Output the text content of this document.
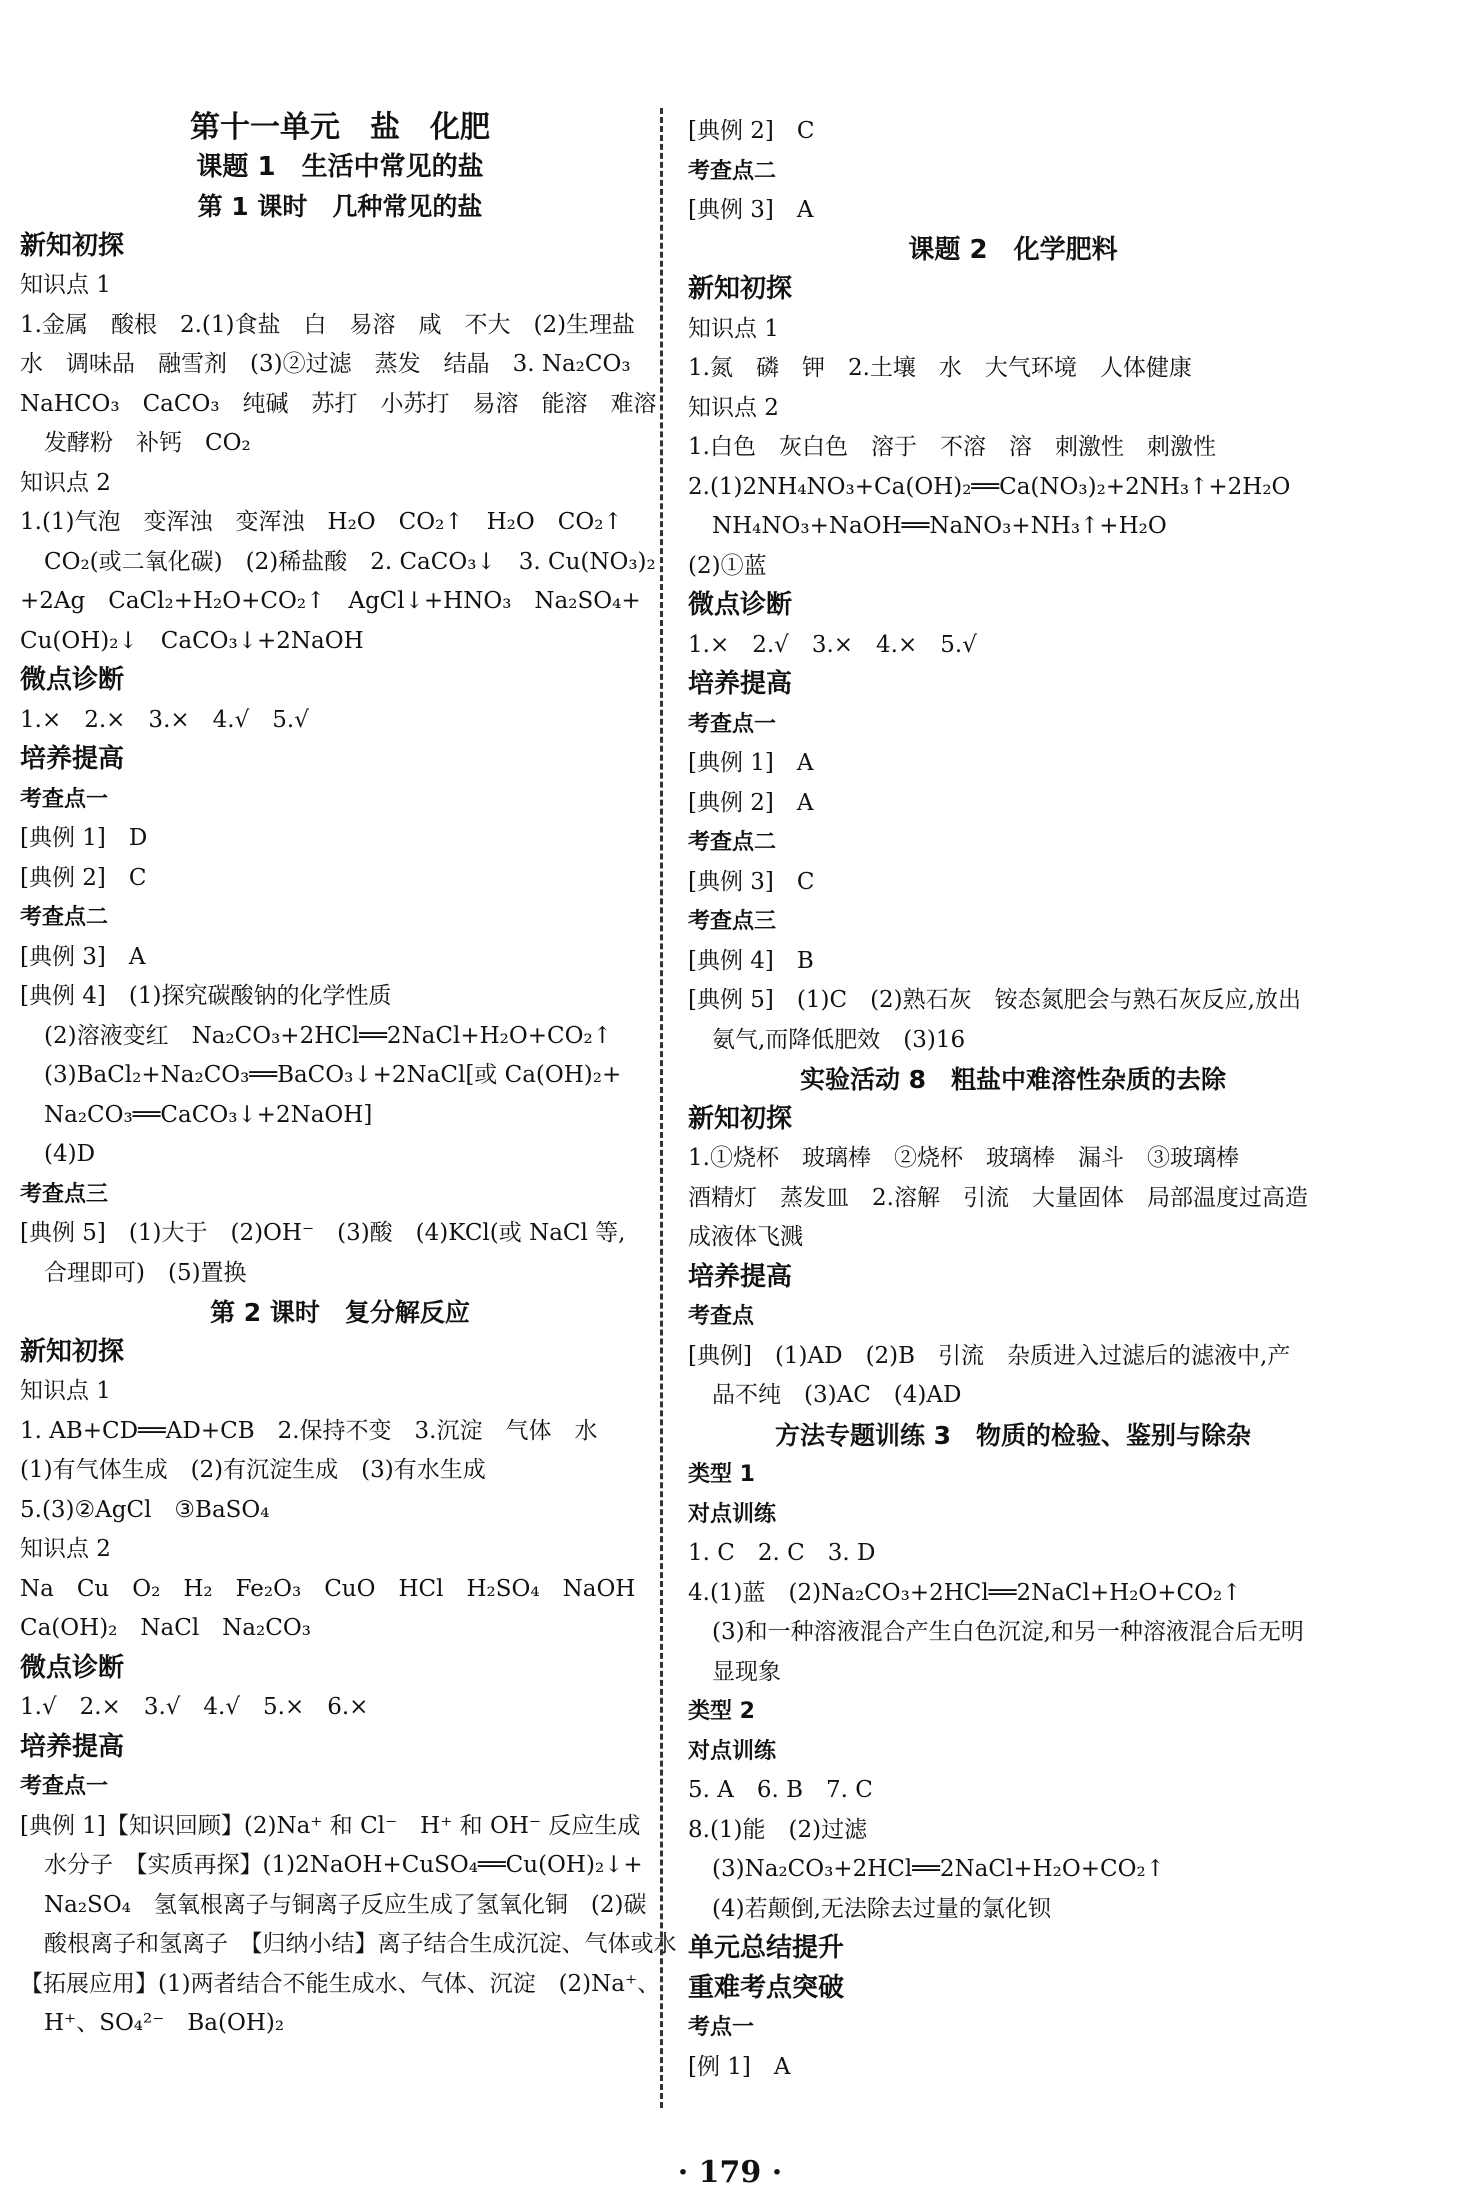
第十一单元　盐　化肥
课题 1　生活中常见的盐
第 1 课时　几种常见的盐
新知初探
知识点 1
1.金属　酸根　2.(1)食盐　白　易溶　咸　不大　(2)生理盐
水　调味品　融雪剂　(3)②过滤　蒸发　结晶　3. Na₂CO₃
NaHCO₃　CaCO₃　纯碱　苏打　小苏打　易溶　能溶　难溶
发酵粉　补钙　CO₂
知识点 2
1.(1)气泡　变浑浊　变浑浊　H₂O　CO₂↑　H₂O　CO₂↑
CO₂(或二氧化碳)　(2)稀盐酸　2. CaCO₃↓　3. Cu(NO₃)₂
+2Ag　CaCl₂+H₂O+CO₂↑　AgCl↓+HNO₃　Na₂SO₄+
Cu(OH)₂↓　CaCO₃↓+2NaOH
微点诊断
1.×　2.×　3.×　4.√　5.√
培养提高
考查点一
[典例 1]　D
[典例 2]　C
考查点二
[典例 3]　A
[典例 4]　(1)探究碳酸钠的化学性质
(2)溶液变红　Na₂CO₃+2HCl══2NaCl+H₂O+CO₂↑
(3)BaCl₂+Na₂CO₃══BaCO₃↓+2NaCl[或 Ca(OH)₂+
Na₂CO₃══CaCO₃↓+2NaOH]
(4)D
考查点三
[典例 5]　(1)大于　(2)OH⁻　(3)酸　(4)KCl(或 NaCl 等,
合理即可)　(5)置换
第 2 课时　复分解反应
新知初探
知识点 1
1. AB+CD══AD+CB　2.保持不变　3.沉淀　气体　水
(1)有气体生成　(2)有沉淀生成　(3)有水生成
5.(3)②AgCl　③BaSO₄
知识点 2
Na　Cu　O₂　H₂　Fe₂O₃　CuO　HCl　H₂SO₄　NaOH
Ca(OH)₂　NaCl　Na₂CO₃
微点诊断
1.√　2.×　3.√　4.√　5.×　6.×
培养提高
考查点一
[典例 1]【知识回顾】(2)Na⁺ 和 Cl⁻　H⁺ 和 OH⁻ 反应生成
水分子　【实质再探】(1)2NaOH+CuSO₄══Cu(OH)₂↓+
Na₂SO₄　氢氧根离子与铜离子反应生成了氢氧化铜　(2)碳
酸根离子和氢离子　【归纳小结】离子结合生成沉淀、气体或水
【拓展应用】(1)两者结合不能生成水、气体、沉淀　(2)Na⁺、
H⁺、SO₄²⁻　Ba(OH)₂
[典例 2]　C
考查点二
[典例 3]　A
课题 2　化学肥料
新知初探
知识点 1
1.氮　磷　钾　2.土壤　水　大气环境　人体健康
知识点 2
1.白色　灰白色　溶于　不溶　溶　刺激性　刺激性
2.(1)2NH₄NO₃+Ca(OH)₂══Ca(NO₃)₂+2NH₃↑+2H₂O
NH₄NO₃+NaOH══NaNO₃+NH₃↑+H₂O
(2)①蓝
微点诊断
1.×　2.√　3.×　4.×　5.√
培养提高
考查点一
[典例 1]　A
[典例 2]　A
考查点二
[典例 3]　C
考查点三
[典例 4]　B
[典例 5]　(1)C　(2)熟石灰　铵态氮肥会与熟石灰反应,放出
氨气,而降低肥效　(3)16
实验活动 8　粗盐中难溶性杂质的去除
新知初探
1.①烧杯　玻璃棒　②烧杯　玻璃棒　漏斗　③玻璃棒
酒精灯　蒸发皿　2.溶解　引流　大量固体　局部温度过高造
成液体飞溅
培养提高
考查点
[典例]　(1)AD　(2)B　引流　杂质进入过滤后的滤液中,产
品不纯　(3)AC　(4)AD
方法专题训练 3　物质的检验、鉴别与除杂
类型 1
对点训练
1. C　2. C　3. D
4.(1)蓝　(2)Na₂CO₃+2HCl══2NaCl+H₂O+CO₂↑
(3)和一种溶液混合产生白色沉淀,和另一种溶液混合后无明
显现象
类型 2
对点训练
5. A　6. B　7. C
8.(1)能　(2)过滤
(3)Na₂CO₃+2HCl══2NaCl+H₂O+CO₂↑
(4)若颠倒,无法除去过量的氯化钡
单元总结提升
重难考点突破
考点一
[例 1]　A
· 179 ·
